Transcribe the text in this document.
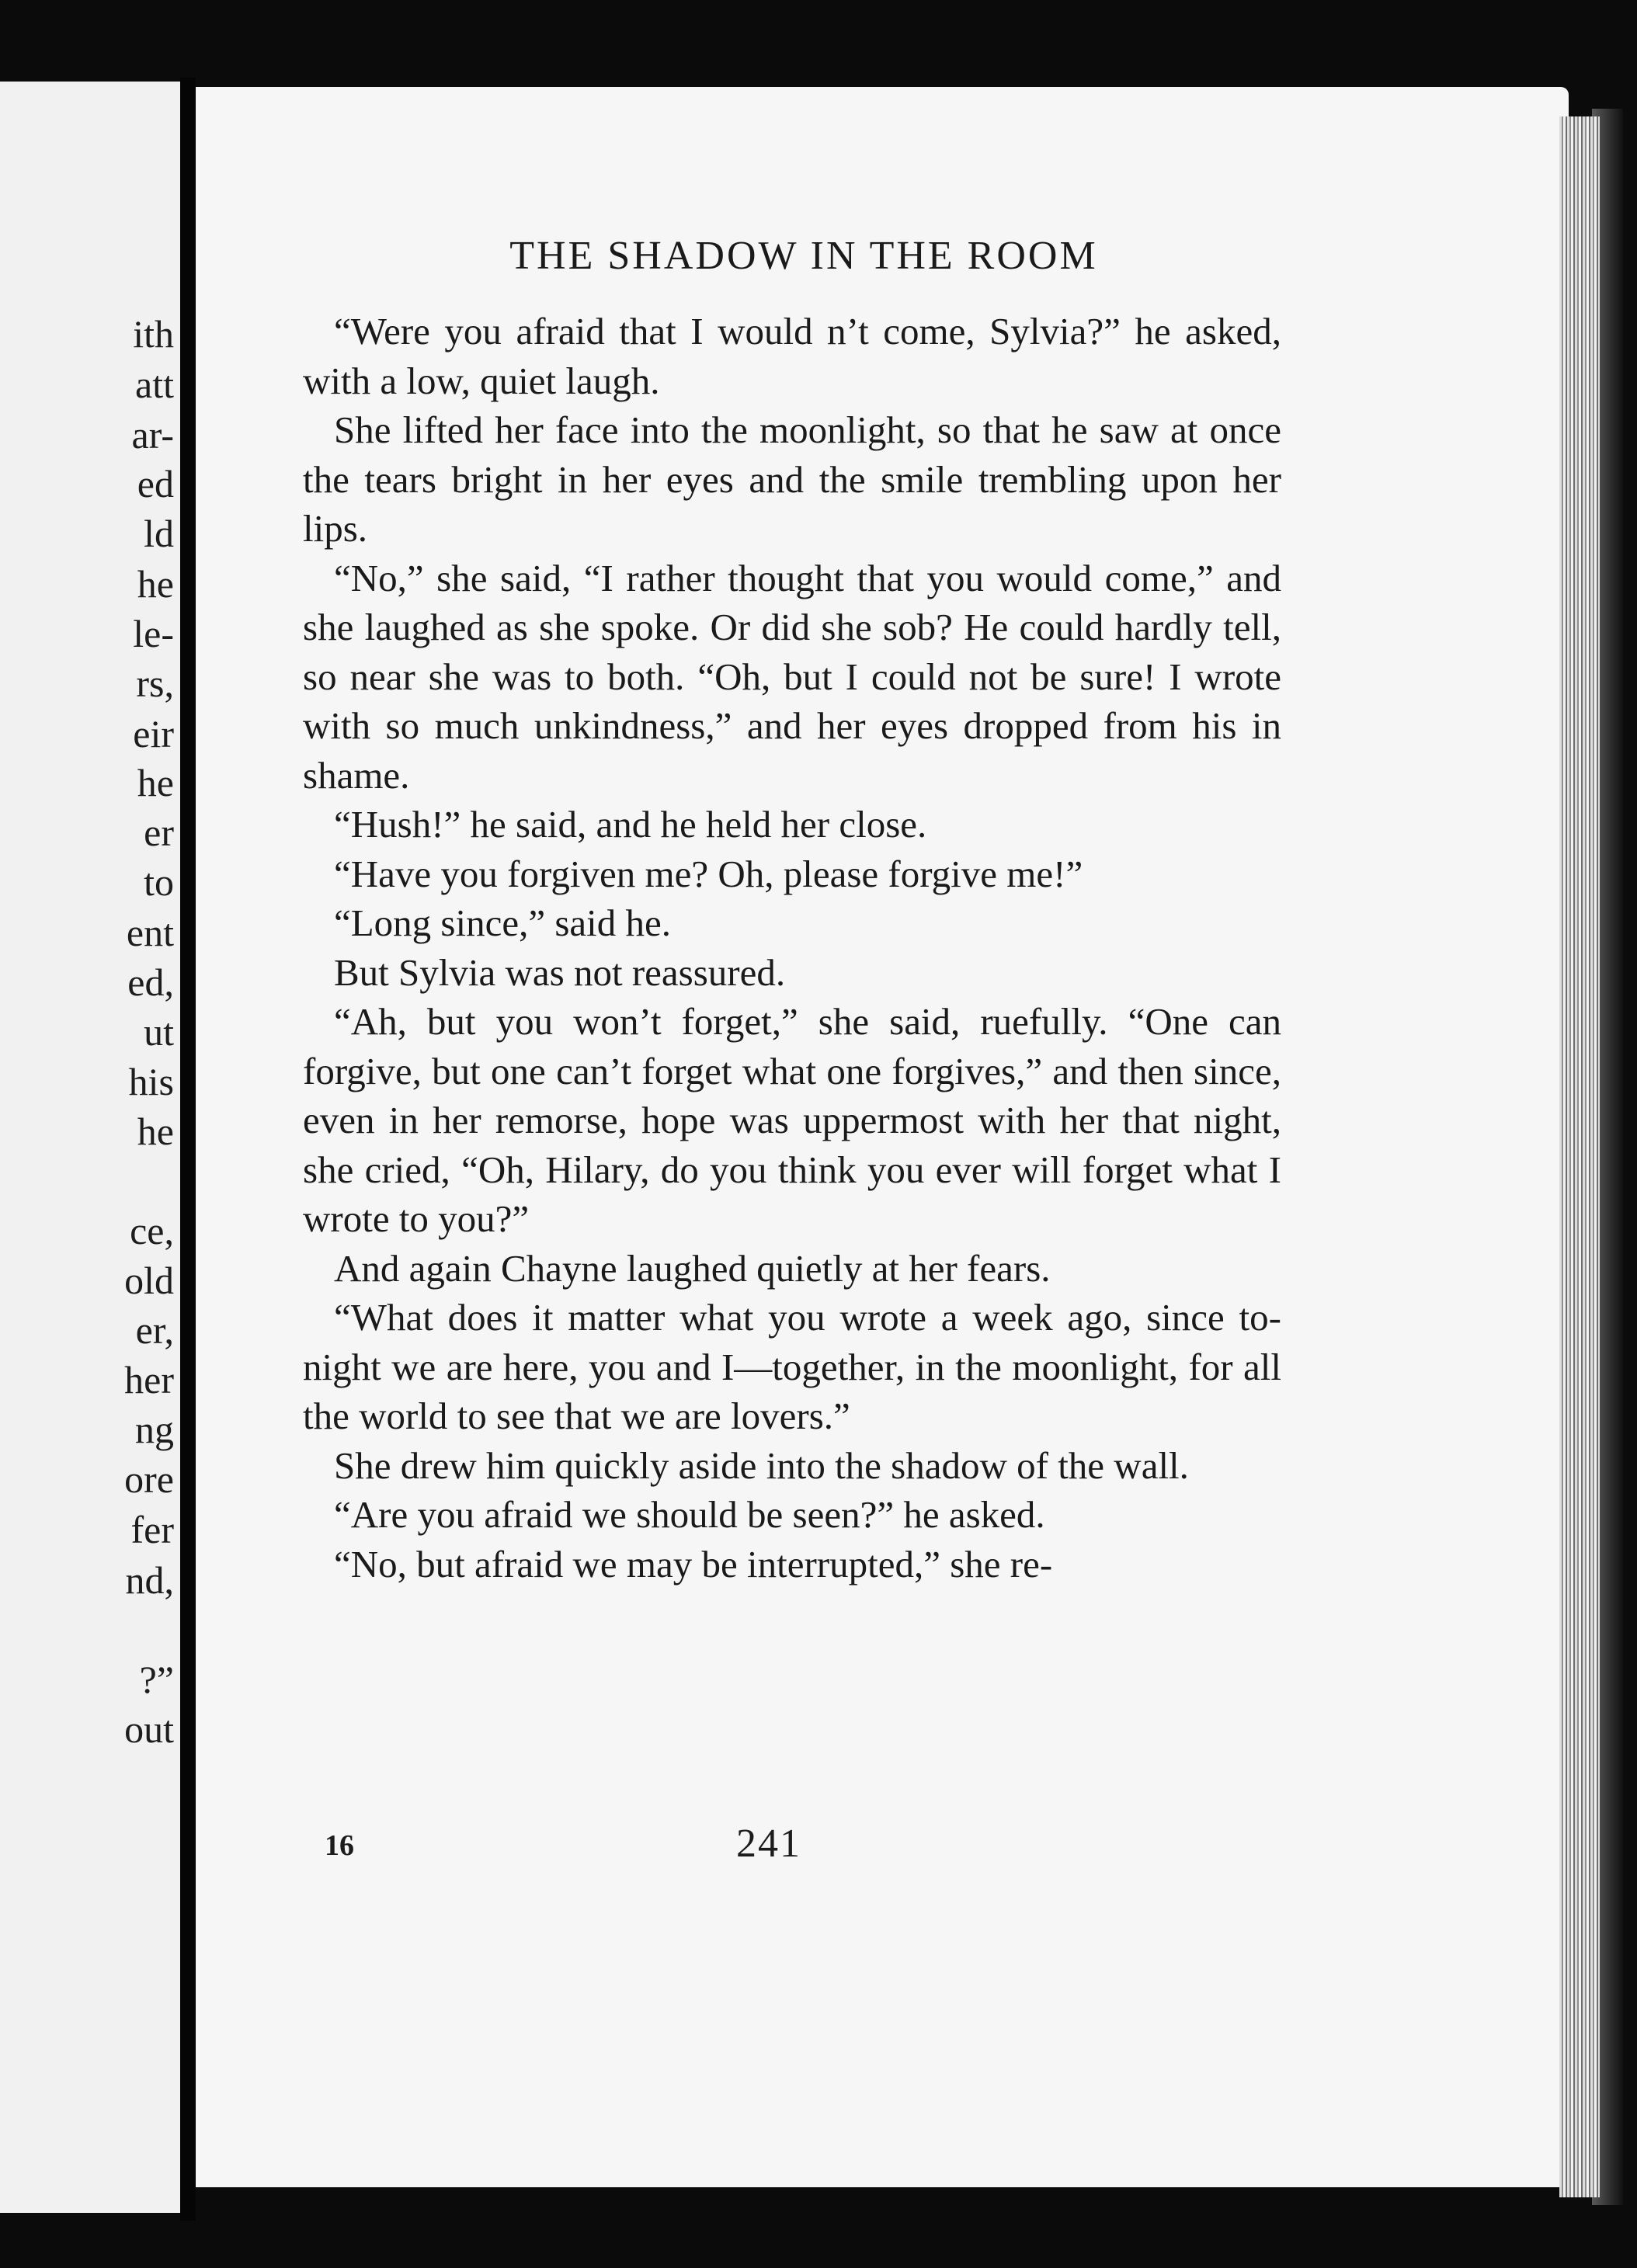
ith
att
ar-
ed
ld
he
le-
rs,
eir
he
er
to
ent
ed,
ut
his
he
ce,
old
er,
her
ng
ore
fer
nd,
?”
out
THE SHADOW IN THE ROOM

“Were you afraid that I would n’t come, Sylvia?” he asked, with a low, quiet laugh.

She lifted her face into the moonlight, so that he saw at once the tears bright in her eyes and the smile trembling upon her lips.

“No,” she said, “I rather thought that you would come,” and she laughed as she spoke. Or did she sob? He could hardly tell, so near she was to both. “Oh, but I could not be sure! I wrote with so much unkindness,” and her eyes dropped from his in shame.

“Hush!” he said, and he held her close.

“Have you forgiven me? Oh, please forgive me!”

“Long since,” said he.

But Sylvia was not reassured.

“Ah, but you won’t forget,” she said, ruefully. “One can forgive, but one can’t forget what one forgives,” and then since, even in her remorse, hope was uppermost with her that night, she cried, “Oh, Hilary, do you think you ever will forget what I wrote to you?”

And again Chayne laughed quietly at her fears.

“What does it matter what you wrote a week ago, since to-night we are here, you and I—together, in the moonlight, for all the world to see that we are lovers.”

She drew him quickly aside into the shadow of the wall.

“Are you afraid we should be seen?” he asked.

“No, but afraid we may be interrupted,” she re-

16	241
